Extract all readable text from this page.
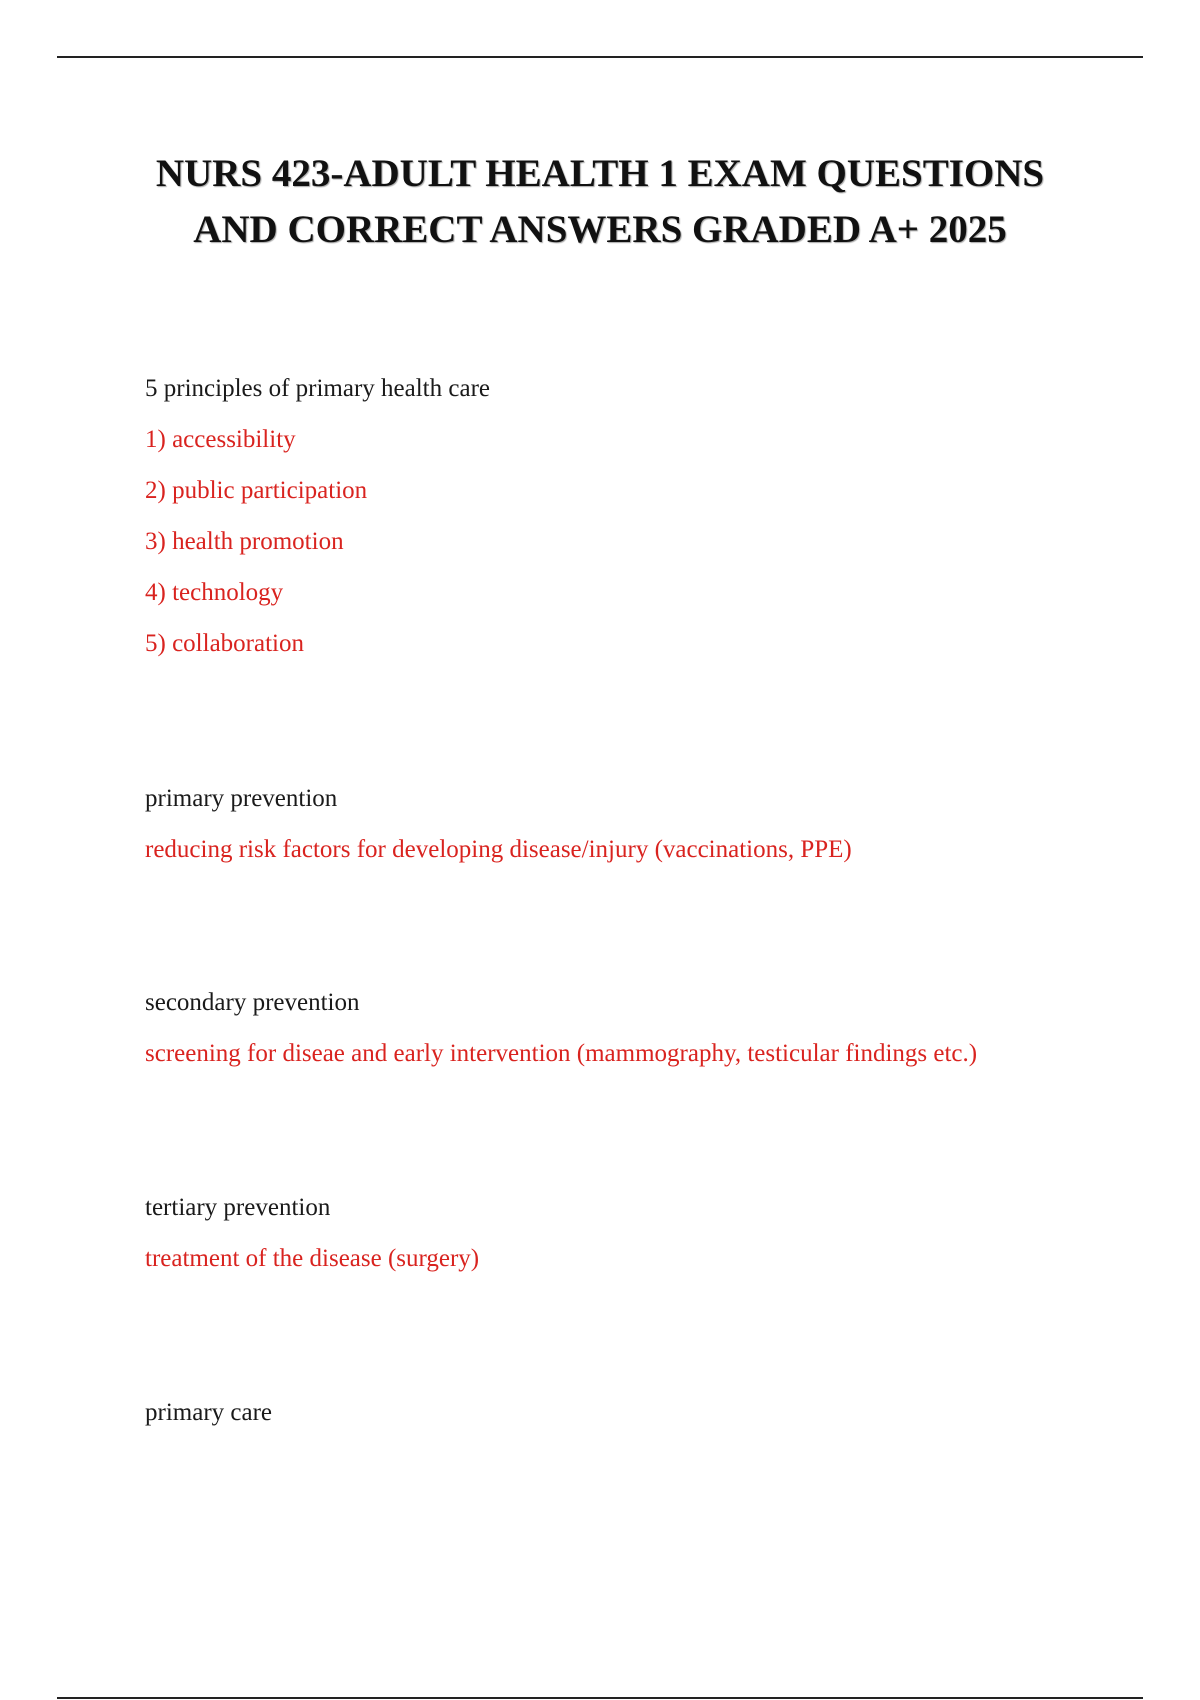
NURS 423-ADULT HEALTH 1 EXAM QUESTIONS
AND CORRECT ANSWERS GRADED A+ 2025

5 principles of primary health care

1) accessibility

2) public participation

3) health promotion

4) technology

5) collaboration

primary prevention

reducing risk factors for developing disease/injury (vaccinations, PPE)

secondary prevention

screening for diseae and early intervention (mammography, testicular findings etc.)

tertiary prevention

treatment of the disease (surgery)

primary care
